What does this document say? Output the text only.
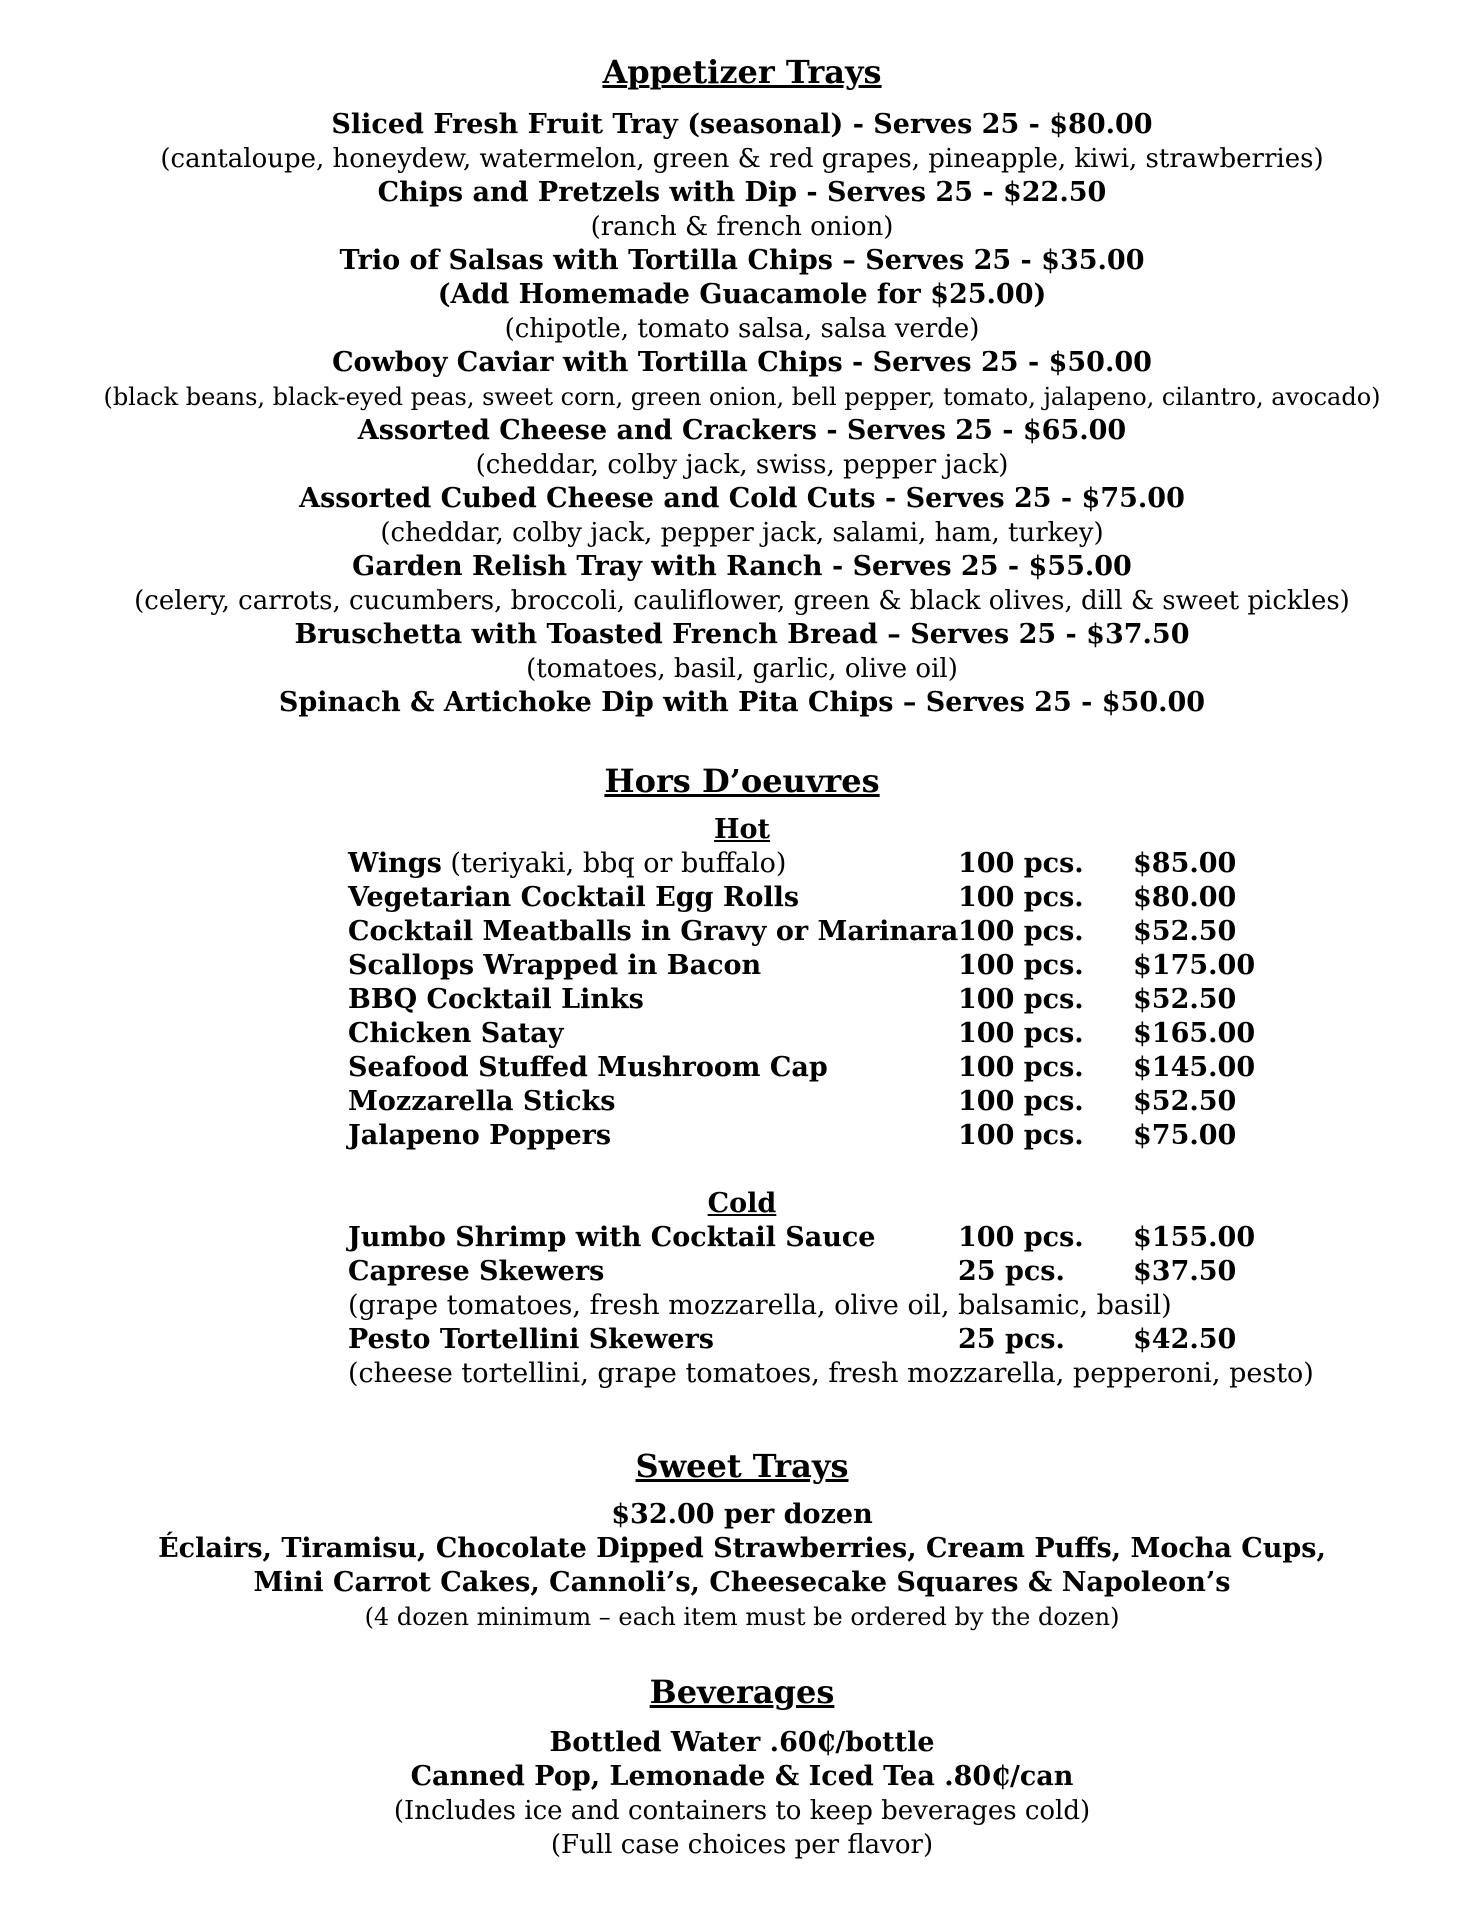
Appetizer Trays
Sliced Fresh Fruit Tray (seasonal) - Serves 25 - $80.00
(cantaloupe, honeydew, watermelon, green & red grapes, pineapple, kiwi, strawberries)
Chips and Pretzels with Dip - Serves 25 - $22.50
(ranch & french onion)
Trio of Salsas with Tortilla Chips – Serves 25 - $35.00
(Add Homemade Guacamole for $25.00)
(chipotle, tomato salsa, salsa verde)
Cowboy Caviar with Tortilla Chips - Serves 25 - $50.00
(black beans, black-eyed peas, sweet corn, green onion, bell pepper, tomato, jalapeno, cilantro, avocado)
Assorted Cheese and Crackers - Serves 25 - $65.00
(cheddar, colby jack, swiss, pepper jack)
Assorted Cubed Cheese and Cold Cuts - Serves 25 - $75.00
(cheddar, colby jack, pepper jack, salami, ham, turkey)
Garden Relish Tray with Ranch - Serves 25 - $55.00
(celery, carrots, cucumbers, broccoli, cauliflower, green & black olives, dill & sweet pickles)
Bruschetta with Toasted French Bread – Serves 25 - $37.50
(tomatoes, basil, garlic, olive oil)
Spinach & Artichoke Dip with Pita Chips – Serves 25 - $50.00
Hors D’oeuvres
Hot
Wings (teriyaki, bbq or buffalo)	100 pcs. $85.00
Vegetarian Cocktail Egg Rolls	100 pcs. $80.00
Cocktail Meatballs in Gravy or Marinara 100 pcs. $52.50
Scallops Wrapped in Bacon	100 pcs. $175.00
BBQ Cocktail Links	100 pcs. $52.50
Chicken Satay	100 pcs. $165.00
Seafood Stuffed Mushroom Cap	100 pcs. $145.00
Mozzarella Sticks	100 pcs. $52.50
Jalapeno Poppers	100 pcs. $75.00
Cold
Jumbo Shrimp with Cocktail Sauce	100 pcs. $155.00
Caprese Skewers	25 pcs.	$37.50
(grape tomatoes, fresh mozzarella, olive oil, balsamic, basil)
Pesto Tortellini Skewers	25 pcs.	$42.50
(cheese tortellini, grape tomatoes, fresh mozzarella, pepperoni, pesto)
Sweet Trays
$32.00 per dozen
Éclairs, Tiramisu, Chocolate Dipped Strawberries, Cream Puffs, Mocha Cups,
Mini Carrot Cakes, Cannoli’s, Cheesecake Squares & Napoleon’s
(4 dozen minimum – each item must be ordered by the dozen)
Beverages
Bottled Water .60₵/bottle
Canned Pop, Lemonade & Iced Tea .80₵/can
(Includes ice and containers to keep beverages cold)
(Full case choices per flavor)
